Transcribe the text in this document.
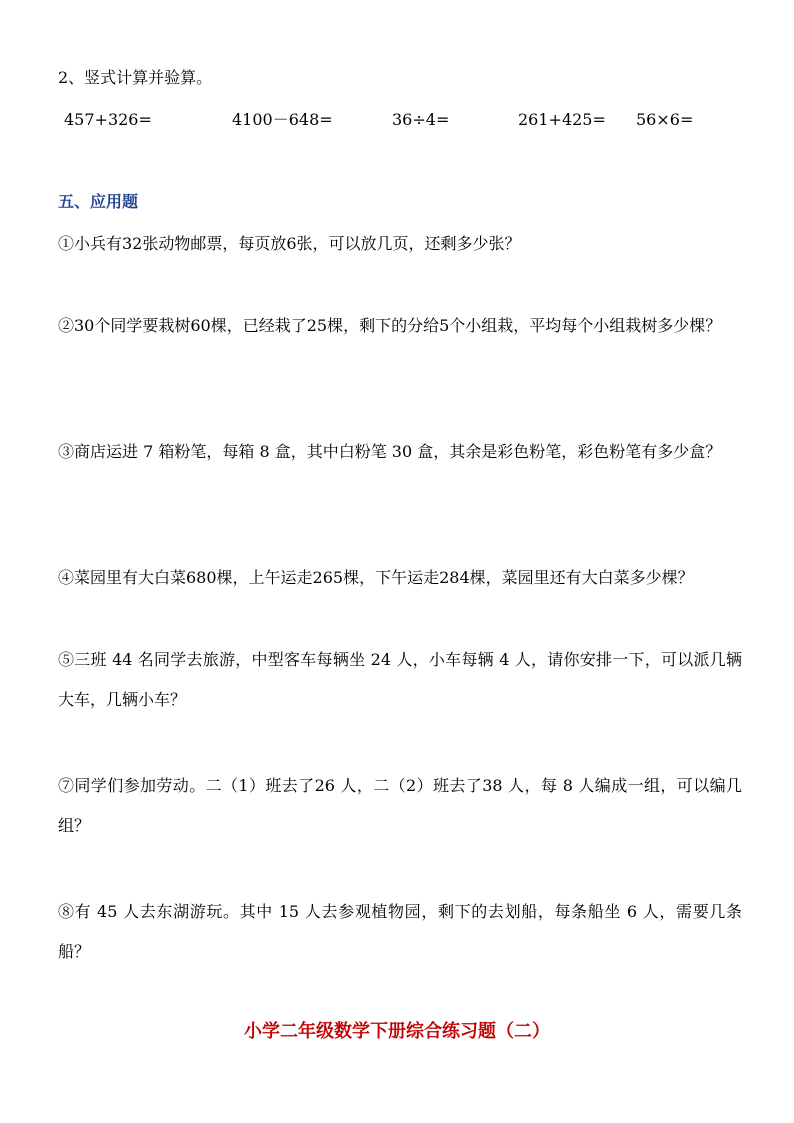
2、竖式计算并验算。
457+326=	4100－648=	36÷4=	261+425= 56×6=
五、应用题
①小兵有32张动物邮票，每页放6张，可以放几页，还剩多少张？
②30个同学要栽树60棵，已经栽了25棵，剩下的分给5个小组栽，平均每个小组栽树多少棵？
③商店运进 7 箱粉笔，每箱 8 盒，其中白粉笔 30 盒，其余是彩色粉笔，彩色粉笔有多少盒？
④菜园里有大白菜680棵，上午运走265棵，下午运走284棵，菜园里还有大白菜多少棵？
⑤三班 44 名同学去旅游，中型客车每辆坐 24 人，小车每辆 4 人，请你安排一下，可以派几辆大车，几辆小车？
⑦同学们参加劳动。二（1）班去了26 人，二（2）班去了38 人，每 8 人编成一组，可以编几组？
⑧有 45 人去东湖游玩。其中 15 人去参观植物园，剩下的去划船，每条船坐 6 人，需要几条船？
小学二年级数学下册综合练习题（二）
